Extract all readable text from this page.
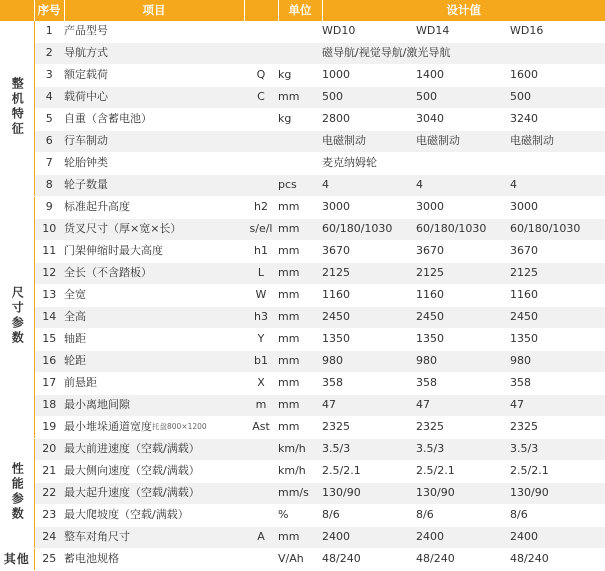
	序号	项目		单位	设计值		
整机特征	1	产品型号			WD10	WD14	WD16
	2	导航方式			磁导航/视觉导航/激光导航		
	3	额定载荷	Q	kg	1000	1400	1600
	4	载荷中心	C	mm	500	500	500
	5	自重（含蓄电池）		kg	2800	3040	3240
	6	行车制动			电磁制动	电磁制动	电磁制动
	7	轮胎钟类			麦克纳姆轮		
	8	轮子数量		pcs	4	4	4

尺寸参数	9	标准起升高度	h2	mm	3000	3000	3000
	10	货叉尺寸（厚×宽×长）	s/e/l	mm	60/180/1030	60/180/1030	60/180/1030
	11	门架伸缩时最大高度	h1	mm	3670	3670	3670
	12	全长（不含踏板）	L	mm	2125	2125	2125
	13	全宽	W	mm	1160	1160	1160
	14	全高	h3	mm	2450	2450	2450
	15	轴距	Y	mm	1350	1350	1350
	16	轮距	b1	mm	980	980	980
	17	前悬距	X	mm	358	358	358
	18	最小离地间隙	m	mm	47	47	47
	19	最小堆垛通道宽度托盘800×1200	Ast	mm	2325	2325	2325

性能参数	20	最大前进速度（空载/满载）		km/h	3.5/3	3.5/3	3.5/3
	21	最大侧向速度（空载/满载）		km/h	2.5/2.1	2.5/2.1	2.5/2.1
	22	最大起升速度（空载/满载）		mm/s	130/90	130/90	130/90
	23	最大爬坡度（空载/满载）		%	8/6	8/6	8/6
	24	整车对角尺寸	A	mm	2400	2400	2400

其他	25	蓄电池规格		V/Ah	48/240	48/240	48/240
